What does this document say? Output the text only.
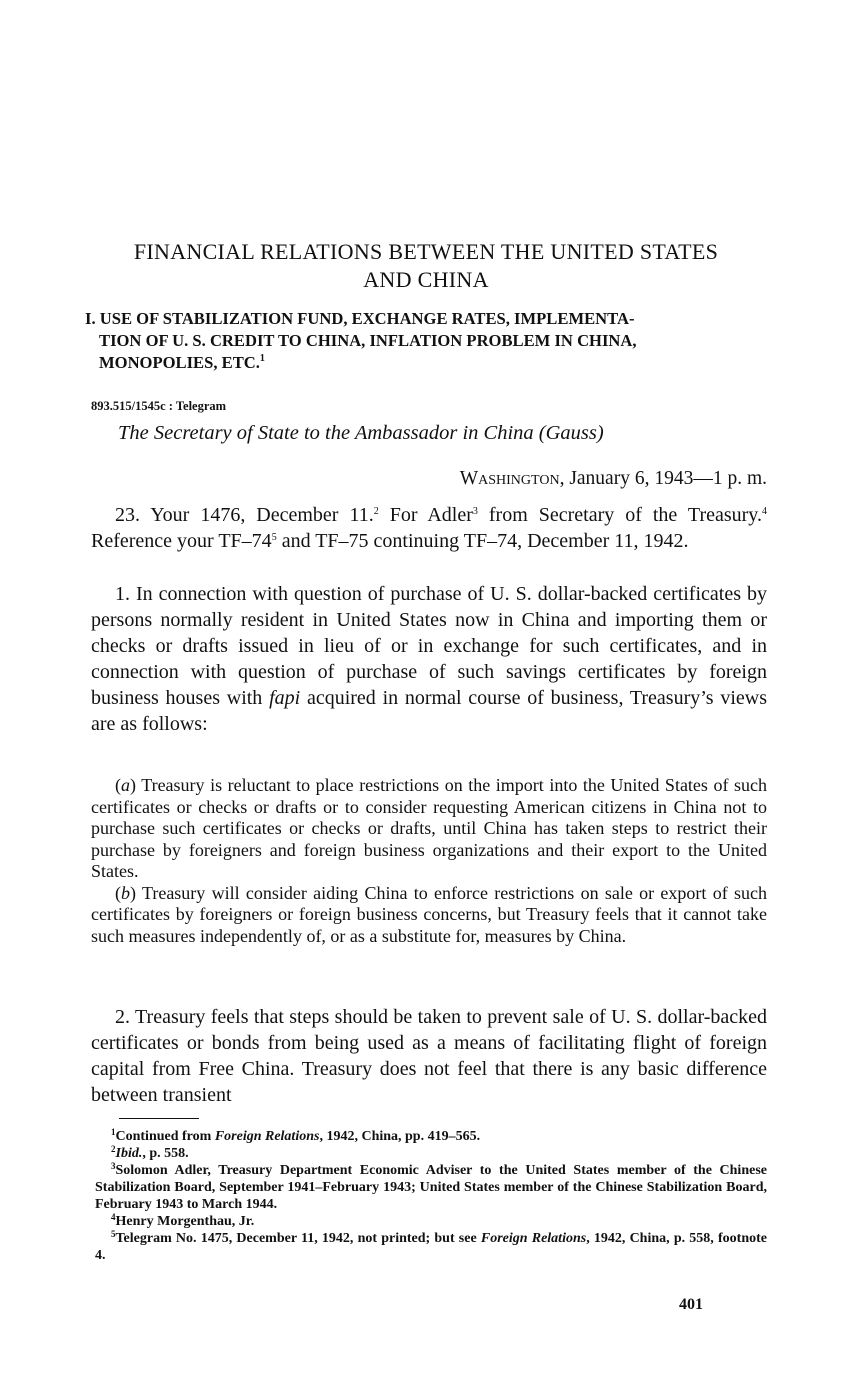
FINANCIAL RELATIONS BETWEEN THE UNITED STATES
AND CHINA
I. USE OF STABILIZATION FUND, EXCHANGE RATES, IMPLEMENTA-
TION OF U. S. CREDIT TO CHINA, INFLATION PROBLEM IN CHINA,
MONOPOLIES, ETC.$^1$
893.515/1545c : Telegram
The Secretary of State to the Ambassador in China (Gauss)
Washington, January 6, 1943—1 p. m.

23. Your 1476, December 11.$^2$ For Adler$^3$ from Secretary of the Treasury.$^4$ Reference your $TF-74^5$ and TF–75 continuing TF–74, December 11, 1942.

1. In connection with question of purchase of U. S. dollar-backed certificates by persons normally resident in United States now in China and importing them or checks or drafts issued in lieu of or in exchange for such certificates, and in connection with question of purchase of such savings certificates by foreign business houses with fapi acquired in normal course of business, Treasury’s views are as follows:

(a) Treasury is reluctant to place restrictions on the import into the United States of such certificates or checks or drafts or to consider requesting American citizens in China not to purchase such certificates or checks or drafts, until China has taken steps to restrict their purchase by foreigners and foreign business organizations and their export to the United States.

(b) Treasury will consider aiding China to enforce restrictions on sale or export of such certificates by foreigners or foreign business concerns, but Treasury feels that it cannot take such measures independently of, or as a substitute for, measures by China.

2. Treasury feels that steps should be taken to prevent sale of U. S. dollar-backed certificates or bonds from being used as a means of facilitating flight of foreign capital from Free China. Treasury does not feel that there is any basic difference between transient

$^1$Continued from Foreign Relations, 1942, China, pp. 419–565.

$^2$Ibid., p. 558.

$^3$Solomon Adler, Treasury Department Economic Adviser to the United States member of the Chinese Stabilization Board, September 1941–February 1943; United States member of the Chinese Stabilization Board, February 1943 to March 1944.

$^4$Henry Morgenthau, Jr.

$^5$Telegram No. 1475, December 11, 1942, not printed; but see Foreign Relations, 1942, China, p. 558, footnote 4.

401
